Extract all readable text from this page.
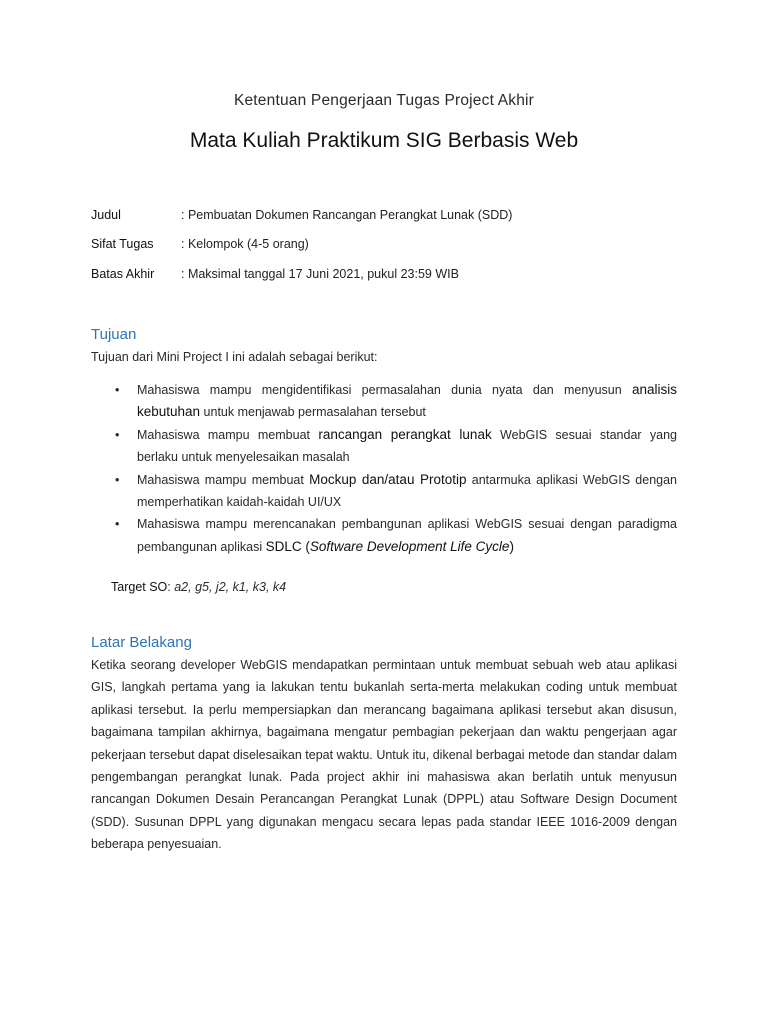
Ketentuan Pengerjaan Tugas Project Akhir
Mata Kuliah Praktikum SIG Berbasis Web
Judul	: Pembuatan Dokumen Rancangan Perangkat Lunak (SDD)
Sifat Tugas	: Kelompok (4-5 orang)
Batas Akhir	: Maksimal tanggal 17 Juni 2021, pukul 23:59 WIB
Tujuan
Tujuan dari Mini Project I ini adalah sebagai berikut:
• Mahasiswa mampu mengidentifikasi permasalahan dunia nyata dan menyusun analisis kebutuhan untuk menjawab permasalahan tersebut
• Mahasiswa mampu membuat rancangan perangkat lunak WebGIS sesuai standar yang berlaku untuk menyelesaikan masalah
• Mahasiswa mampu membuat Mockup dan/atau Prototip antarmuka aplikasi WebGIS dengan memperhatikan kaidah-kaidah UI/UX
• Mahasiswa mampu merencanakan pembangunan aplikasi WebGIS sesuai dengan paradigma pembangunan aplikasi SDLC (Software Development Life Cycle)
Target SO: a2, g5, j2, k1, k3, k4
Latar Belakang
Ketika seorang developer WebGIS mendapatkan permintaan untuk membuat sebuah web atau aplikasi GIS, langkah pertama yang ia lakukan tentu bukanlah serta-merta melakukan coding untuk membuat aplikasi tersebut. Ia perlu mempersiapkan dan merancang bagaimana aplikasi tersebut akan disusun, bagaimana tampilan akhirnya, bagaimana mengatur pembagian pekerjaan dan waktu pengerjaan agar pekerjaan tersebut dapat diselesaikan tepat waktu. Untuk itu, dikenal berbagai metode dan standar dalam pengembangan perangkat lunak. Pada project akhir ini mahasiswa akan berlatih untuk menyusun rancangan Dokumen Desain Perancangan Perangkat Lunak (DPPL) atau Software Design Document (SDD). Susunan DPPL yang digunakan mengacu secara lepas pada standar IEEE 1016-2009 dengan beberapa penyesuaian.
